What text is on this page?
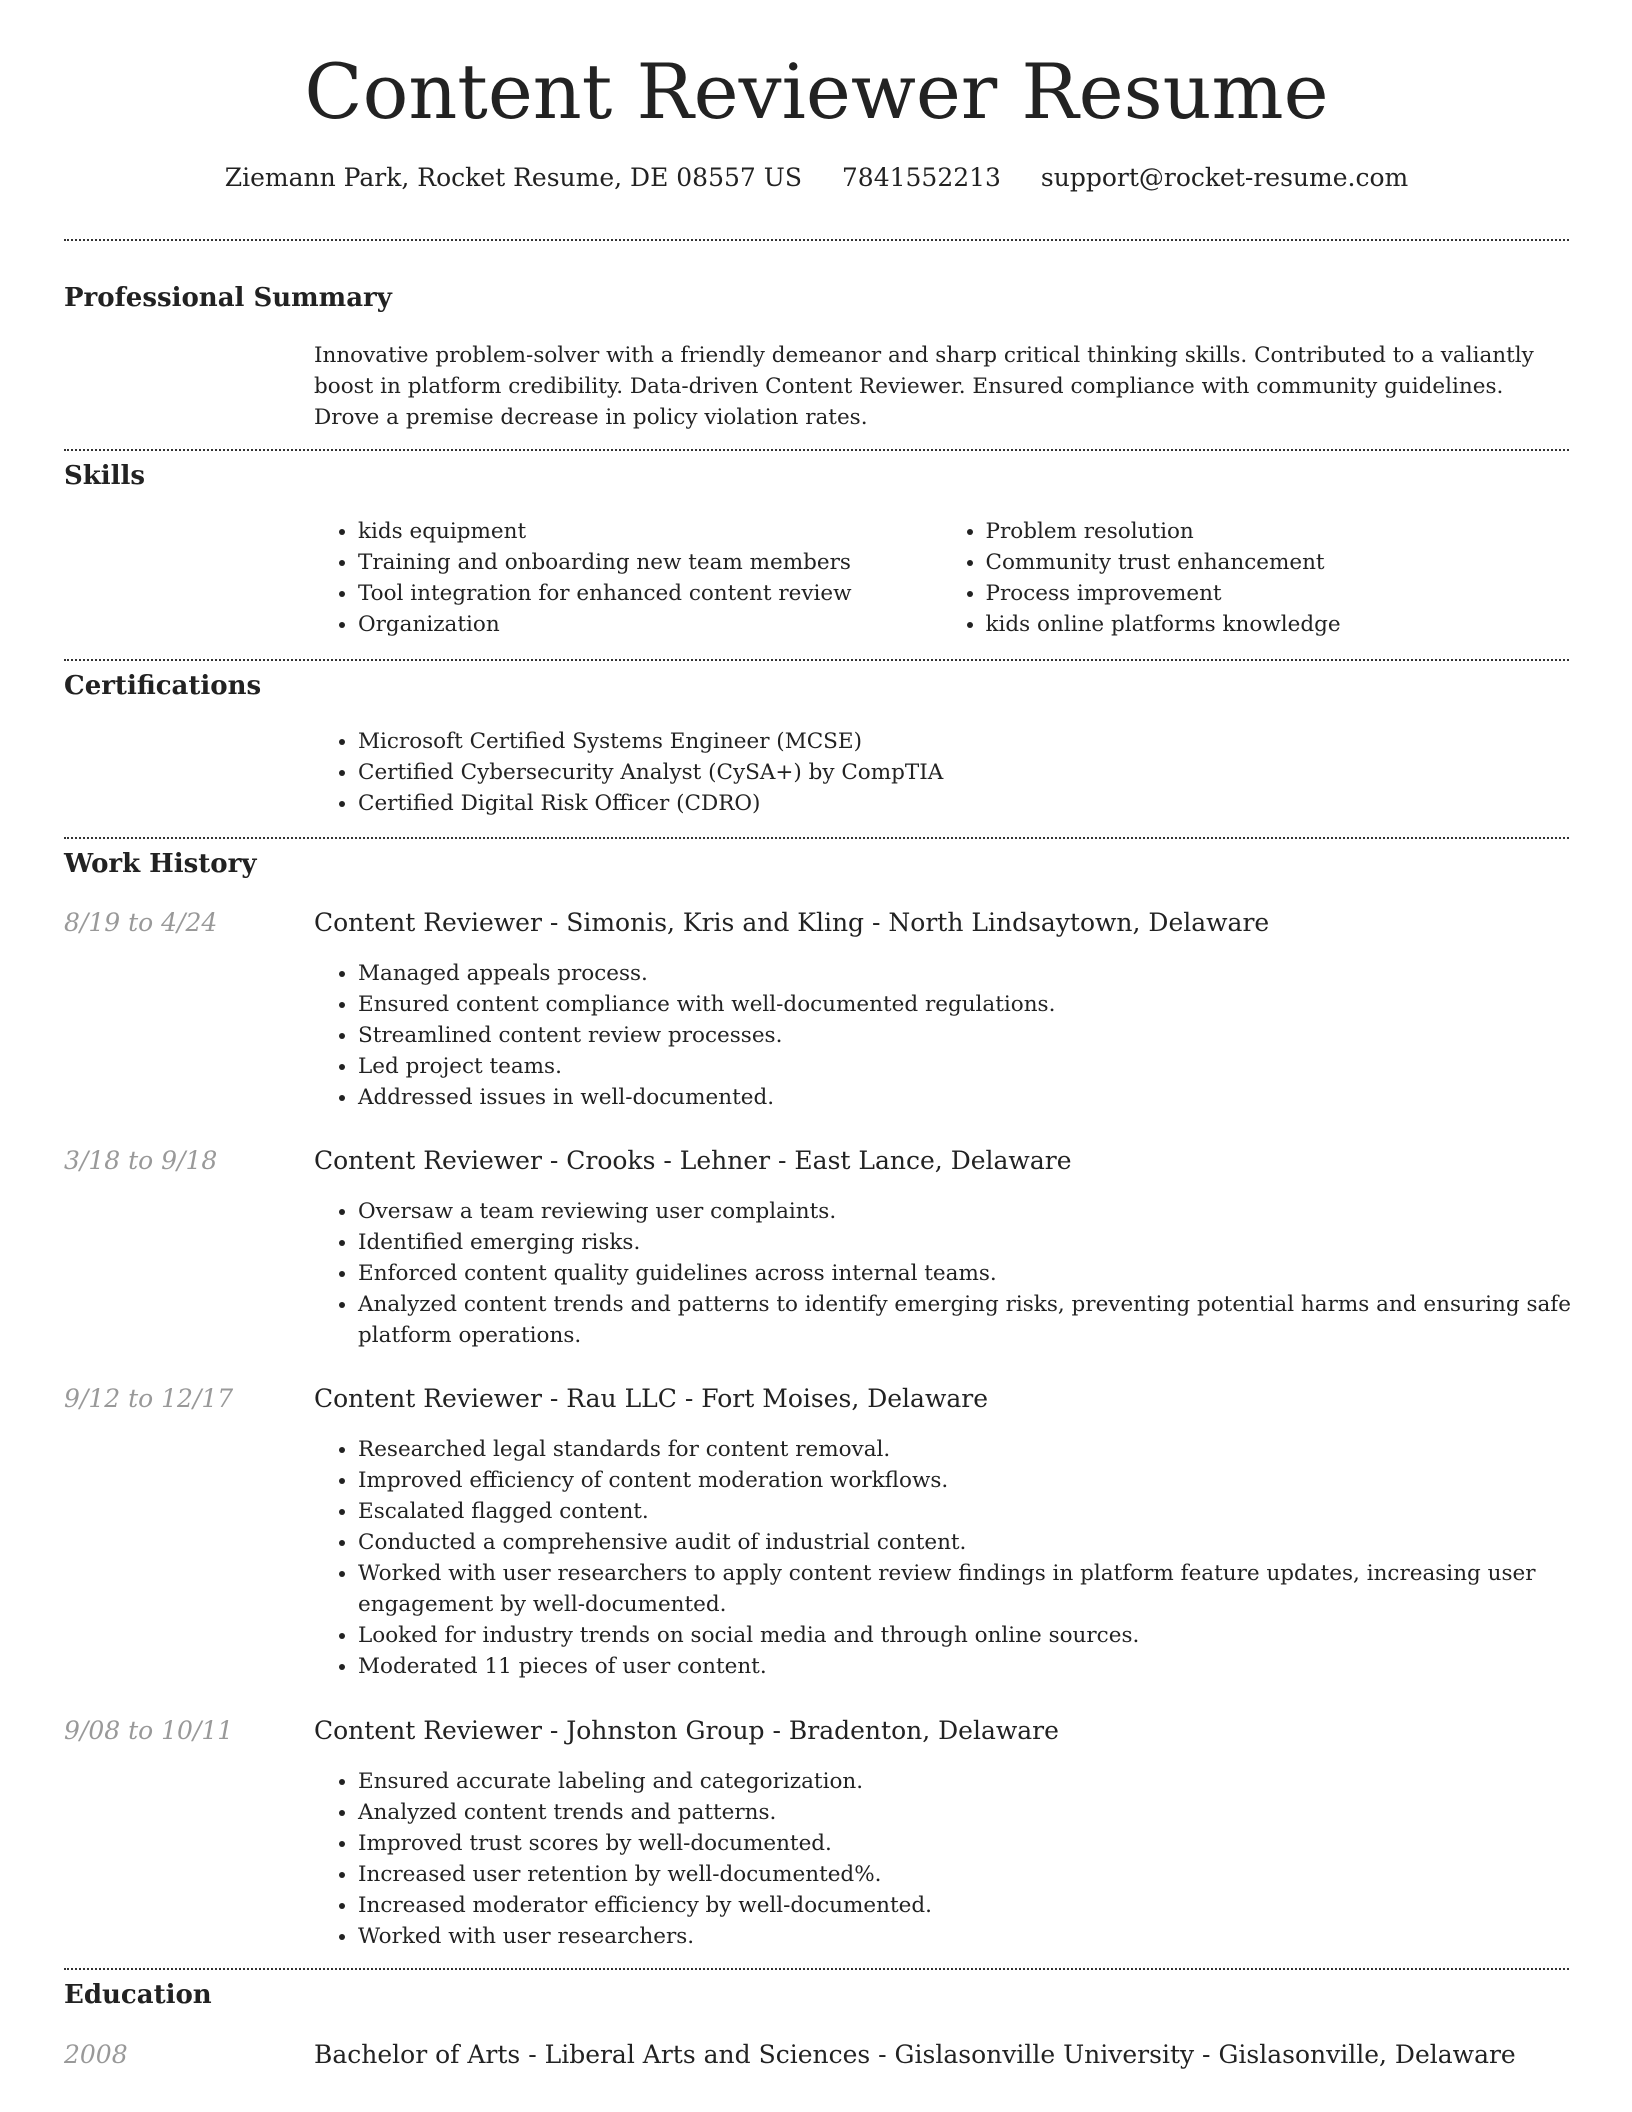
Content Reviewer Resume
Ziemann Park, Rocket Resume, DE 08557 US 7841552213 support@rocket-resume.com
Professional Summary

Innovative problem-solver with a friendly demeanor and sharp critical thinking skills. Contributed to a valiantly boost in platform credibility. Data-driven Content Reviewer. Ensured compliance with community guidelines. Drove a premise decrease in policy violation rates.

Skills
• kids equipment
• Training and onboarding new team members
• Tool integration for enhanced content review
• Organization
• Problem resolution
• Community trust enhancement
• Process improvement
• kids online platforms knowledge
Certifications
• Microsoft Certified Systems Engineer (MCSE)
• Certified Cybersecurity Analyst (CySA+) by CompTIA
• Certified Digital Risk Officer (CDRO)
Work History
8/19 to 4/24	Content Reviewer - Simonis, Kris and Kling - North Lindsaytown, Delaware
• Managed appeals process.
• Ensured content compliance with well-documented regulations.
• Streamlined content review processes.
• Led project teams.
• Addressed issues in well-documented.
3/18 to 9/18	Content Reviewer - Crooks - Lehner - East Lance, Delaware
• Oversaw a team reviewing user complaints.
• Identified emerging risks.
• Enforced content quality guidelines across internal teams.
• Analyzed content trends and patterns to identify emerging risks, preventing potential harms and ensuring safe platform operations.
9/12 to 12/17	Content Reviewer - Rau LLC - Fort Moises, Delaware
• Researched legal standards for content removal.
• Improved efficiency of content moderation workflows.
• Escalated flagged content.
• Conducted a comprehensive audit of industrial content.
• Worked with user researchers to apply content review findings in platform feature updates, increasing user engagement by well-documented.
• Looked for industry trends on social media and through online sources.
• Moderated 11 pieces of user content.
9/08 to 10/11	Content Reviewer - Johnston Group - Bradenton, Delaware
• Ensured accurate labeling and categorization.
• Analyzed content trends and patterns.
• Improved trust scores by well-documented.
• Increased user retention by well-documented%.
• Increased moderator efficiency by well-documented.
• Worked with user researchers.
Education
2008	Bachelor of Arts - Liberal Arts and Sciences - Gislasonville University - Gislasonville, Delaware
